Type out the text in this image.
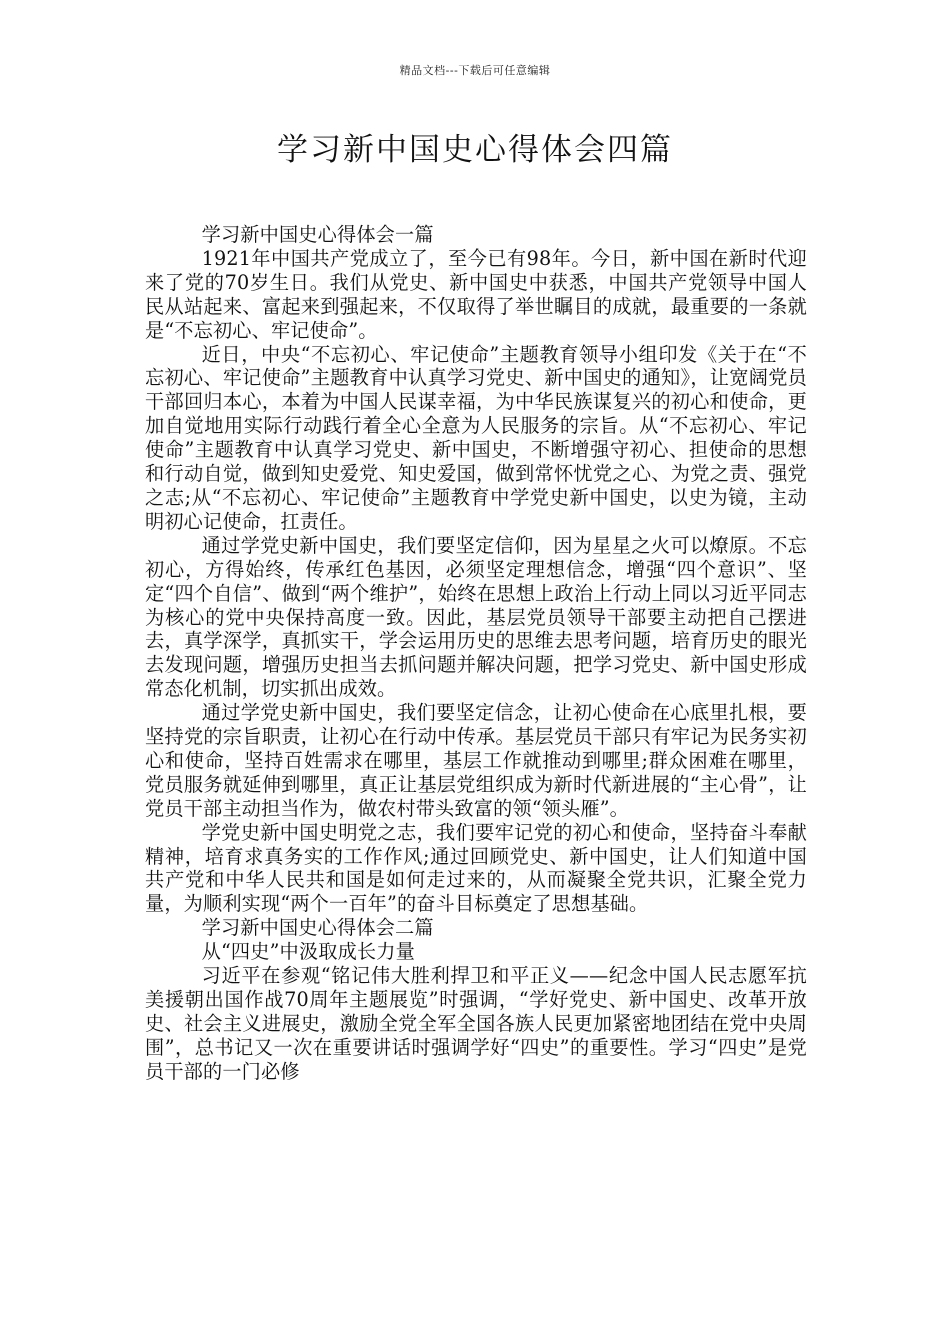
精品文档---下载后可任意编辑
学习新中国史心得体会四篇

学习新中国史心得体会一篇

1921年中国共产党成立了，至今已有98年。今日，新中国在新时代迎来了党的70岁生日。我们从党史、新中国史中获悉，中国共产党领导中国人民从站起来、富起来到强起来，不仅取得了举世瞩目的成就，最重要的一条就是“不忘初心、牢记使命”。

近日，中央“不忘初心、牢记使命”主题教育领导小组印发《关于在“不忘初心、牢记使命”主题教育中认真学习党史、新中国史的通知》，让宽阔党员干部回归本心，本着为中国人民谋幸福，为中华民族谋复兴的初心和使命，更加自觉地用实际行动践行着全心全意为人民服务的宗旨。从“不忘初心、牢记使命”主题教育中认真学习党史、新中国史，不断增强守初心、担使命的思想和行动自觉，做到知史爱党、知史爱国，做到常怀忧党之心、为党之责、强党之志;从“不忘初心、牢记使命”主题教育中学党史新中国史，以史为镜，主动明初心记使命，扛责任。

通过学党史新中国史，我们要坚定信仰，因为星星之火可以燎原。不忘初心，方得始终，传承红色基因，必须坚定理想信念，增强“四个意识”、坚定“四个自信”、做到“两个维护”，始终在思想上政治上行动上同以习近平同志为核心的党中央保持高度一致。因此，基层党员领导干部要主动把自己摆进去，真学深学，真抓实干，学会运用历史的思维去思考问题，培育历史的眼光去发现问题，增强历史担当去抓问题并解决问题，把学习党史、新中国史形成常态化机制，切实抓出成效。

通过学党史新中国史，我们要坚定信念，让初心使命在心底里扎根，要坚持党的宗旨职责，让初心在行动中传承。基层党员干部只有牢记为民务实初心和使命，坚持百姓需求在哪里，基层工作就推动到哪里;群众困难在哪里，党员服务就延伸到哪里，真正让基层党组织成为新时代新进展的“主心骨”，让党员干部主动担当作为，做农村带头致富的领“领头雁”。

学党史新中国史明党之志，我们要牢记党的初心和使命，坚持奋斗奉献精神，培育求真务实的工作作风;通过回顾党史、新中国史，让人们知道中国共产党和中华人民共和国是如何走过来的，从而凝聚全党共识，汇聚全党力量，为顺利实现“两个一百年”的奋斗目标奠定了思想基础。

学习新中国史心得体会二篇

从“四史”中汲取成长力量

习近平在参观“铭记伟大胜利捍卫和平正义——纪念中国人民志愿军抗美援朝出国作战70周年主题展览”时强调，“学好党史、新中国史、改革开放史、社会主义进展史，激励全党全军全国各族人民更加紧密地团结在党中央周围”，总书记又一次在重要讲话时强调学好“四史”的重要性。学习“四史”是党员干部的一门必修
